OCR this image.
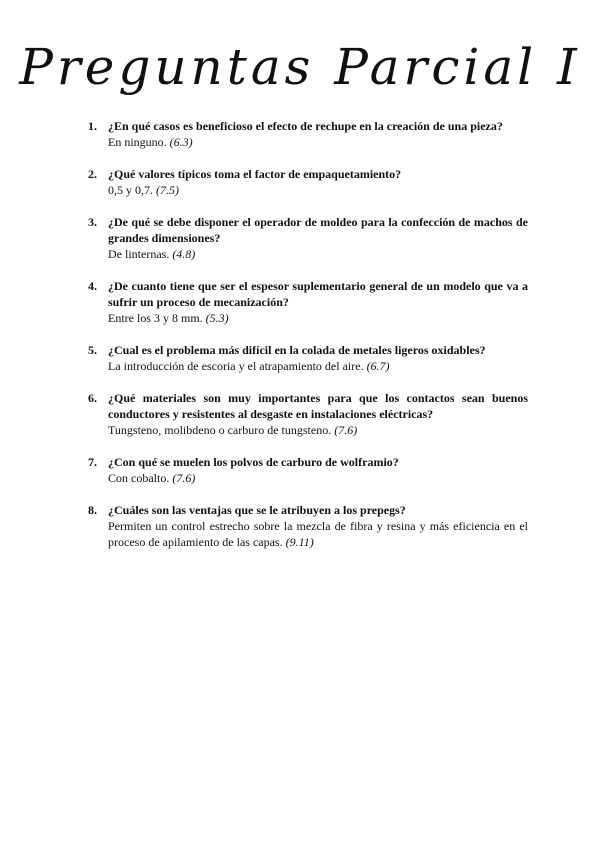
Preguntas Parcial I
1. ¿En qué casos es beneficioso el efecto de rechupe en la creación de una pieza?

En ninguno. (6.3)

2. ¿Qué valores típicos toma el factor de empaquetamiento?

0,5 y 0,7. (7.5)

3. ¿De qué se debe disponer el operador de moldeo para la confección de machos de grandes dimensiones?

De linternas. (4.8)

4. ¿De cuanto tiene que ser el espesor suplementario general de un modelo que va a sufrir un proceso de mecanización?

Entre los 3 y 8 mm. (5.3)

5. ¿Cual es el problema más difícil en la colada de metales ligeros oxidables?

La introducción de escoria y el atrapamiento del aire. (6.7)

6. ¿Qué materiales son muy importantes para que los contactos sean buenos conductores y resistentes al desgaste en instalaciones eléctricas?

Tungsteno, molibdeno o carburo de tungsteno. (7.6)

7. ¿Con qué se muelen los polvos de carburo de wolframio?

Con cobalto. (7.6)

8. ¿Cuáles son las ventajas que se le atribuyen a los prepegs?

Permiten un control estrecho sobre la mezcla de fibra y resina y más eficiencia en el proceso de apilamiento de las capas. (9.11)
